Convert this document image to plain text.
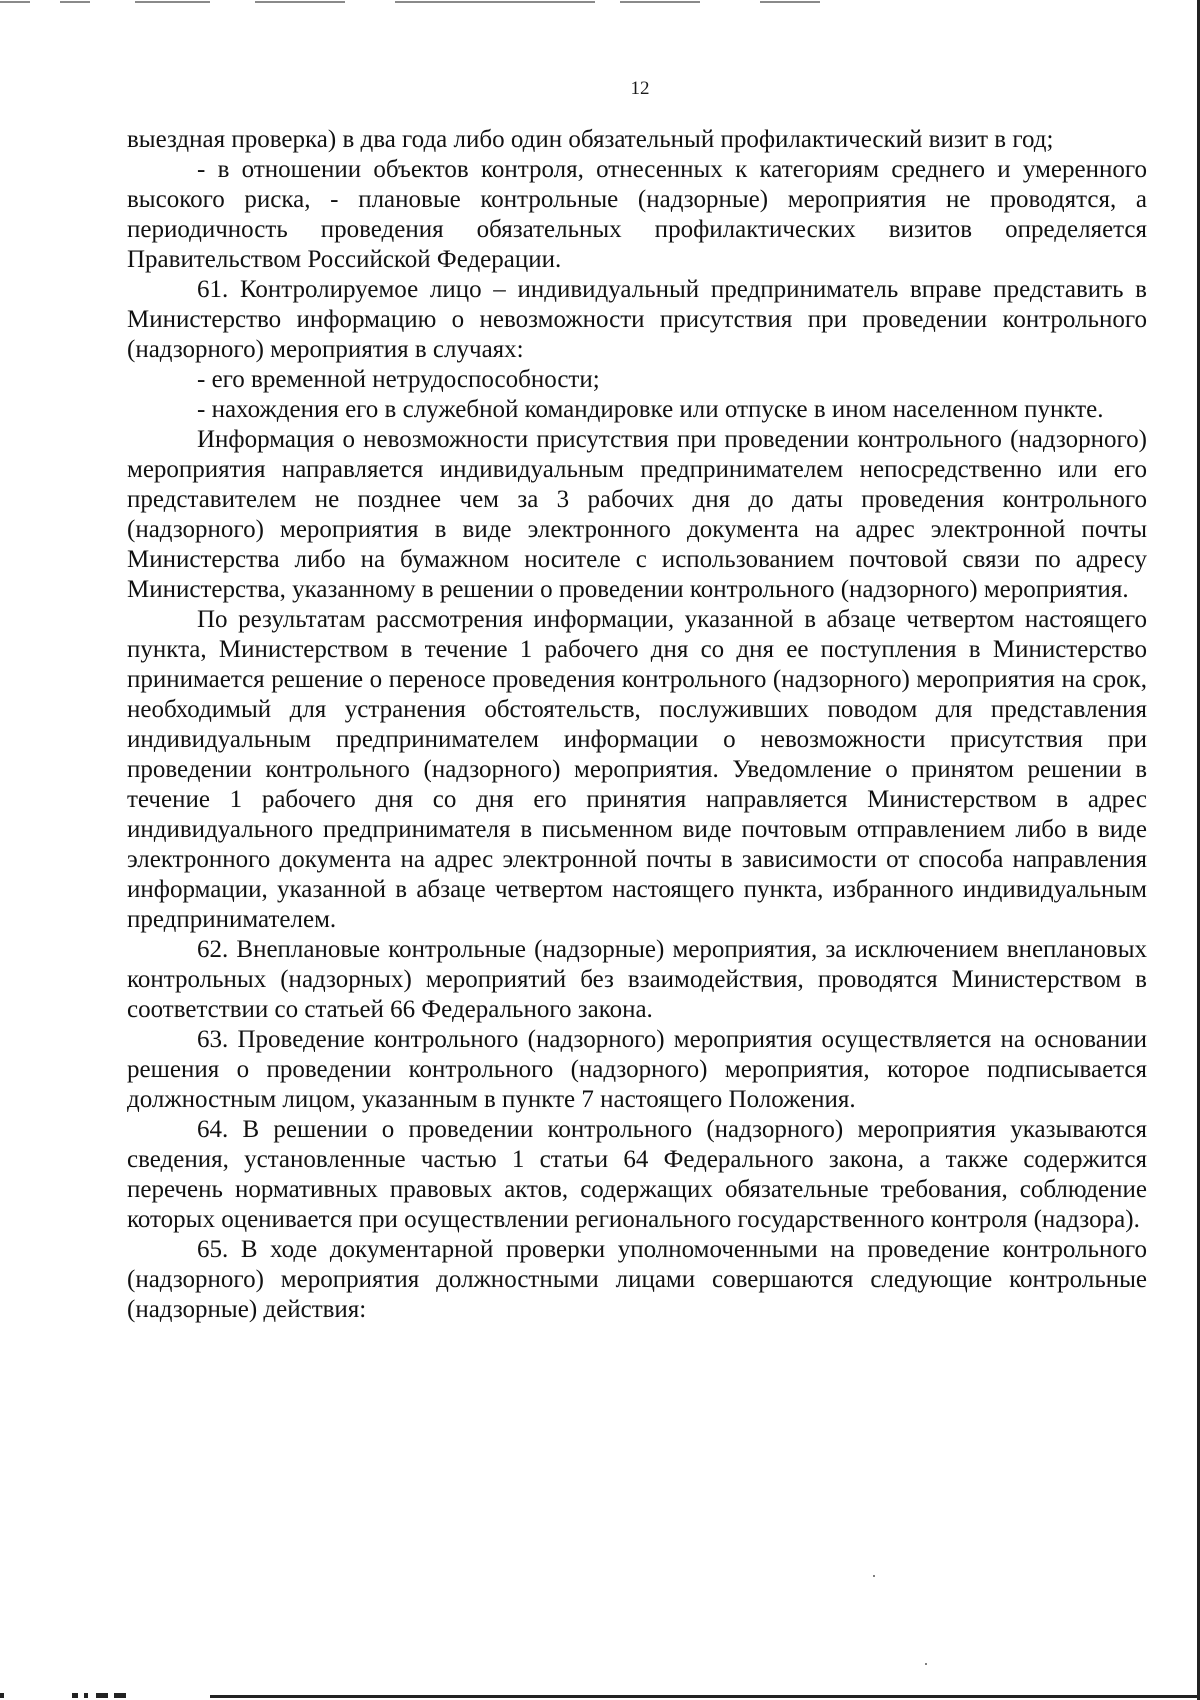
12

выездная проверка) в два года либо один обязательный профилактический визит в год;

- в отношении объектов контроля, отнесенных к категориям среднего и умеренного высокого риска, - плановые контрольные (надзорные) мероприятия не проводятся, а периодичность проведения обязательных профилактических визитов определяется Правительством Российской Федерации.

61. Контролируемое лицо – индивидуальный предприниматель вправе представить в Министерство информацию о невозможности присутствия при проведении контрольного (надзорного) мероприятия в случаях:

- его временной нетрудоспособности;

- нахождения его в служебной командировке или отпуске в ином населенном пункте.

Информация о невозможности присутствия при проведении контрольного (надзорного) мероприятия направляется индивидуальным предпринимателем непосредственно или его представителем не позднее чем за 3 рабочих дня до даты проведения контрольного (надзорного) мероприятия в виде электронного документа на адрес электронной почты Министерства либо на бумажном носителе с использованием почтовой связи по адресу Министерства, указанному в решении о проведении контрольного (надзорного) мероприятия.

По результатам рассмотрения информации, указанной в абзаце четвертом настоящего пункта, Министерством в течение 1 рабочего дня со дня ее поступления в Министерство принимается решение о переносе проведения контрольного (надзорного) мероприятия на срок, необходимый для устранения обстоятельств, послуживших поводом для представления индивидуальным предпринимателем информации о невозможности присутствия при проведении контрольного (надзорного) мероприятия. Уведомление о принятом решении в течение 1 рабочего дня со дня его принятия направляется Министерством в адрес индивидуального предпринимателя в письменном виде почтовым отправлением либо в виде электронного документа на адрес электронной почты в зависимости от способа направления информации, указанной в абзаце четвертом настоящего пункта, избранного индивидуальным предпринимателем.

62. Внеплановые контрольные (надзорные) мероприятия, за исключением внеплановых контрольных (надзорных) мероприятий без взаимодействия, проводятся Министерством в соответствии со статьей 66 Федерального закона.

63. Проведение контрольного (надзорного) мероприятия осуществляется на основании решения о проведении контрольного (надзорного) мероприятия, которое подписывается должностным лицом, указанным в пункте 7 настоящего Положения.

64. В решении о проведении контрольного (надзорного) мероприятия указываются сведения, установленные частью 1 статьи 64 Федерального закона, а также содержится перечень нормативных правовых актов, содержащих обязательные требования, соблюдение которых оценивается при осуществлении регионального государственного контроля (надзора).

65. В ходе документарной проверки уполномоченными на проведение контрольного (надзорного) мероприятия должностными лицами совершаются следующие контрольные (надзорные) действия:
